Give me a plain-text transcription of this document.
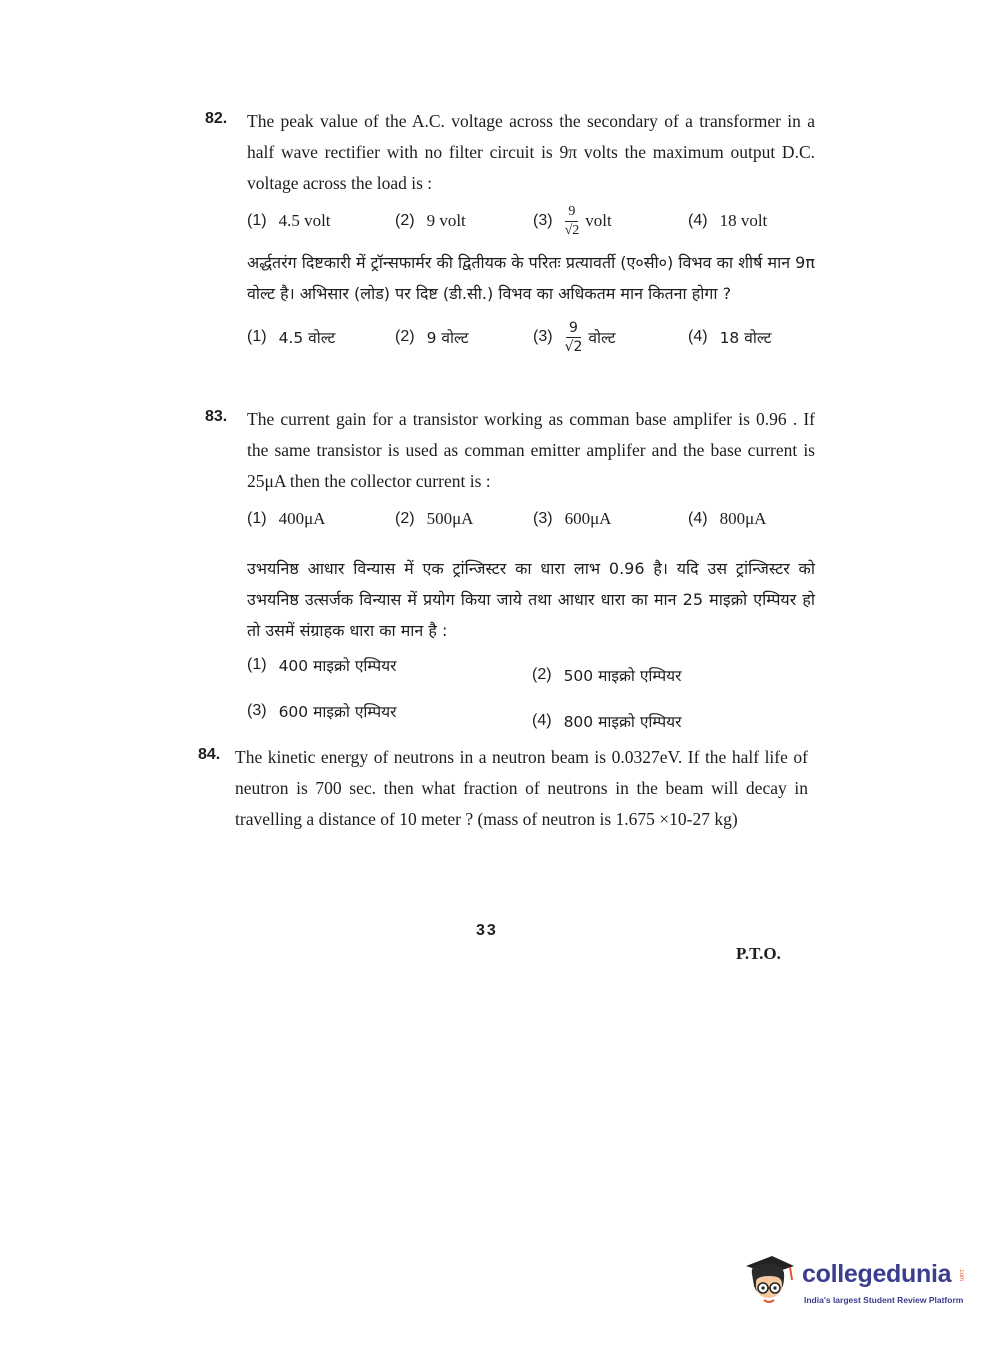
82. The peak value of the A.C. voltage across the secondary of a transformer in a half wave rectifier with no filter circuit is 9π volts the maximum output D.C. voltage across the load is :
(1) 4.5 volt	(2) 9 volt	$(3) \frac{9}{√2}$ volt	(4) 18 volt
अर्द्धतरंग दिष्टकारी में ट्रॉन्सफार्मर की द्वितीयक के परितः प्रत्यावर्ती (ए०सी०) विभव का शीर्ष मान 9π वोल्ट है। अभिसार (लोड) पर दिष्ट (डी.सी.) विभव का अधिकतम मान कितना होगा ?
(1) 4.5 वोल्ट	(2) 9 वोल्ट	$(3) \frac{9}{√2}$ वोल्ट	(4) 18 वोल्ट
83. The current gain for a transistor working as comman base amplifer is 0.96 . If the same transistor is used as comman emitter amplifer and the base current is 25μA then the collector current is :
(1) 400μA	(2) 500μA	(3) 600μA	(4) 800μA
उभयनिष्ठ आधार विन्यास में एक ट्रांन्जिस्टर का धारा लाभ 0.96 है। यदि उस ट्रांन्जिस्टर को उभयनिष्ठ उत्सर्जक विन्यास में प्रयोग किया जाये तथा आधार धारा का मान 25 माइक्रो एम्पियर हो तो उसमें संग्राहक धारा का मान है :
(1) 400 माइक्रो एम्पियर	(2) 500 माइक्रो एम्पियर
(3) 600 माइक्रो एम्पियर	(4) 800 माइक्रो एम्पियर
84. The kinetic energy of neutrons in a neutron beam is 0.0327eV. If the half life of neutron is 700 sec. then what fraction of neutrons in the beam will decay in travelling a distance of 10 meter ? (mass of neutron is 1.675 ×10-27 kg)
33
P.T.O.
collegedunia .com
India's largest Student Review Platform
